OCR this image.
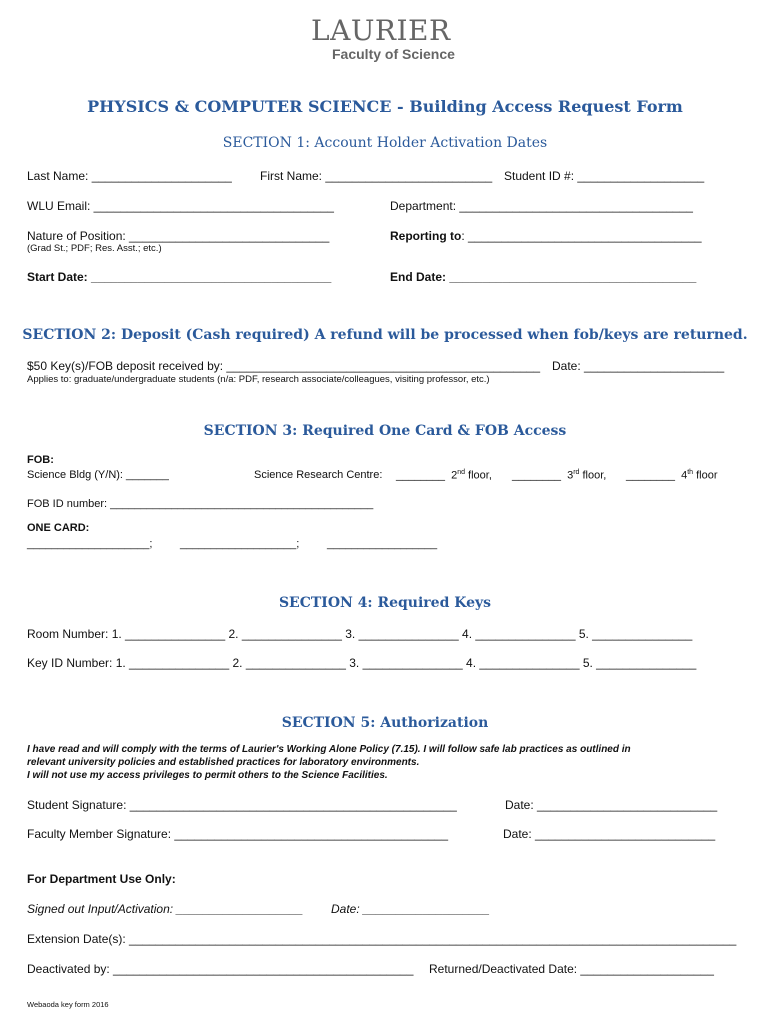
LAURIER
Faculty of Science
PHYSICS & COMPUTER SCIENCE - Building Access Request Form
SECTION 1: Account Holder Activation Dates
Last Name: _____________________ First Name: _________________________ Student ID #: ___________________
WLU Email: ____________________________________	Department: ___________________________________
Nature of Position: ______________________________
(Grad St.; PDF; Res. Asst.; etc.)
Reporting to: ___________________________________
Start Date: ____________________________________	End Date: _____________________________________
SECTION 2: Deposit (Cash required) A refund will be processed when fob/keys are returned.
$50 Key(s)/FOB deposit received by: _______________________________________________ Date: _____________________
Applies to: graduate/undergraduate students (n/a: PDF, research associate/colleagues, visiting professor, etc.)
SECTION 3: Required One Card & FOB Access
FOB:
Science Bldg (Y/N): _______	Science Research Centre: ________ 2nd floor, ________ 3rd floor, ________ 4th floor
FOB ID number: ___________________________________________
ONE CARD:
____________________;	___________________;	__________________
SECTION 4: Required Keys
Room Number: 1. _______________ 2. _______________ 3. _______________ 4. _______________ 5. _______________
Key ID Number: 1. _______________ 2. _______________ 3. _______________ 4. _______________ 5. _______________
SECTION 5: Authorization
I have read and will comply with the terms of Laurier's Working Alone Policy (7.15). I will follow safe lab practices as outlined in
relevant university policies and established practices for laboratory environments.
I will not use my access privileges to permit others to the Science Facilities.
Student Signature: _________________________________________________	Date: ___________________________
Faculty Member Signature: _________________________________________	Date: ___________________________
For Department Use Only:
Signed out Input/Activation: ___________________ Date: ___________________
Extension Date(s): ___________________________________________________________________________________________
Deactivated by: _____________________________________________ Returned/Deactivated Date: ____________________
Webaoda key form 2016
